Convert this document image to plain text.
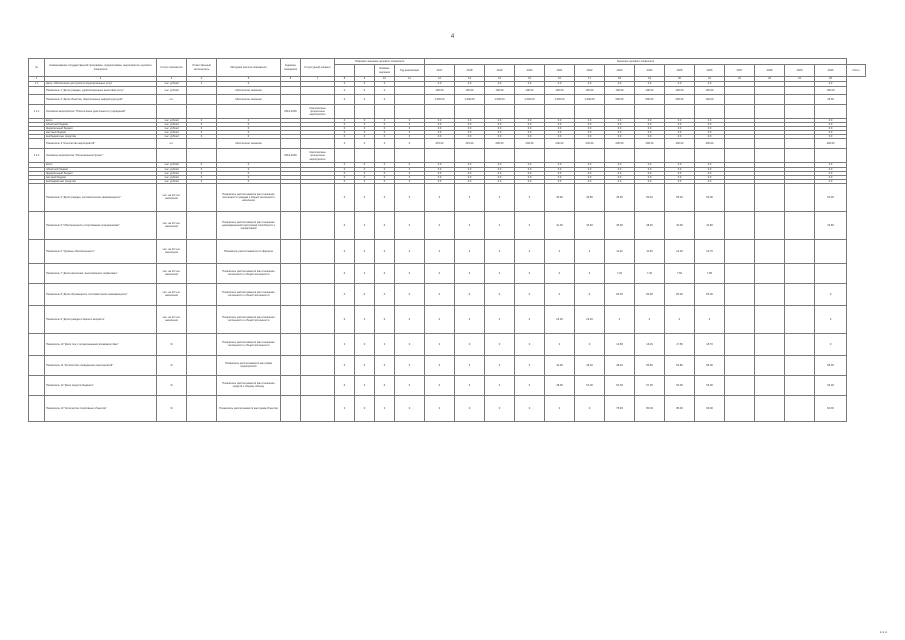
4
№	Наименование государственной программы, подпрограммы, мероприятия, целевого показателя	Статус показателя	Ответственный исполнитель	Методика расчета показателя	Единица измерения	Структурный элемент	Плановое значение целевого показателя				Значение целевого показателя														
									Базовое значение	Год реализации	2017	2018	2019	2020	2021	2022	2023	2024	2025	2026	2027	2028	2029	2030	Итого
1	2	3	4	5	6	7	8	9	10	11	12	13	14	15	16	17	18	19	20	21	22	23	24	25	
1.1	Цель: Обеспечение доступности муниципальных услуг	тыс. рублей	1	0			0	0	0		0.0	0.0	0.0	0.0	0.0	0.0	0.0	0.0	0.0	0.0				0.0	
	Показатель 1 "Доля граждан, удовлетворенных качеством услуг"	тыс. рублей		Абсолютное значение			0	0	0		100.00	100.00	100.00	100.00	100.00	100.00	100.00	100.00	100.00	100.00				100.00	
	Показатель 2 "Доля объектов, обеспеченных инфраструктурой"	шт.		Абсолютное значение			0	0	0		1 000.00	1 000.00	1 000.00	1 000.00	1 000.00	1 000.00	500.00	500.00	200.00	100.00				45.00	
1.1.1	Основное мероприятие "Обеспечение деятельности учреждений"				2019-2030	Комплексные процессные мероприятия																			
	всего	тыс. рублей	0	0			0	0	0	0	0.0	0.0	0.0	0.0	0.0	0.0	0.0	0.0	0.0	0.0				0.0	
	областной бюджет	тыс. рублей	0	0			0	0	0	0	0.0	0.0	0.0	0.0	0.0	0.0	0.0	0.0	0.0	0.0				0.0	
	федеральный бюджет	тыс. рублей	0	0			0	0	0	0	0.0	0.0	0.0	0.0	0.0	0.0	0.0	0.0	0.0	0.0				0.0	
	местный бюджет	тыс. рублей	0	0			0	0	0	0	0.0	0.0	0.0	0.0	0.0	0.0	0.0	0.0	0.0	0.0				0.0	
	внебюджетные средства	тыс. рублей	0	0			0	0	0	0	0.0	0.0	0.0	0.0	0.0	0.0	0.0	0.0	0.0	0.0				0.0	
	Показатель 3 "Количество мероприятий"	шт.		Абсолютное значение			0	0	0	0	215.00	215.00	290.00	240.00	240.00	240.00	200.00	400.00	400.00	400.00				400.00	
1.1.2	Основное мероприятие "Региональный проект"				2019-2030	Комплексные процессные мероприятия																			
	всего	тыс. рублей	0	0			0	0	0	0	0.0	0.0	0.0	0.0	0.0	0.0	0.0	0.0	0.0	0.0				0.0	
	областной бюджет	тыс. рублей	0	0			0	0	0	0	0.0	0.0	0.0	0.0	0.0	0.0	0.0	0.0	0.0	0.0				0.0	
	федеральный бюджет	тыс. рублей	0	0			0	0	0	0	0.0	0.0	0.0	0.0	0.0	0.0	0.0	0.0	0.0	0.0				0.0	
	местный бюджет	тыс. рублей	0	0			0	0	0	0	0.0	0.0	0.0	0.0	0.0	0.0	0.0	0.0	0.0	0.0				0.0	
	внебюджетные средства	тыс. рублей	0	0			0	0	0	0	0.0	0.0	0.0	0.0	0.0	0.0	0.0	0.0	0.0	0.0				0.0	
	Показатель 4 "Доля граждан, систематически занимающихся"	чел. на 10 тыс. населения		Показатель рассчитывается как отношение численности граждан к общей численности населения			0	0	0	0	0	0	0	0	35.90	40.80	45.60	50.40	55.20	60.00				60.00	
	Показатель 5 "Обеспеченность спортивными сооружениями"	чел. на 10 тыс. населения		Показатель рассчитывается как отношение единовременной пропускной способности к нормативной			0	0	0	0	0	0	0	0	31.30	33.60	35.90	38.20	40.50	42.80				42.80	
	Показатель 6 "Уровень обеспеченности"	чел. на 10 тыс. населения		Показатель рассчитывается по формуле			0	0	0	0	0	0	0	0	0	0	11.00	11.60	12.20	12.70					
	Показатель 7 "Доля населения, выполнившего нормативы"	чел. на 10 тыс. населения		Показатель рассчитывается как отношение численности к общей численности			0	0	0	0	0	0	0	0	0	0	7.20	7.40	7.60	7.80					
	Показатель 8 "Доля обучающихся, систематически занимающихся"	чел. на 10 тыс. населения		Показатель рассчитывается как отношение численности к общей численности			0	0	0	0	0	0	0	0	0	0	84.00	84.00	84.00	84.00				0	
	Показатель 9 "Доля граждан старшего возраста"	чел. на 10 тыс. населения		Показатель рассчитывается как отношение численности к общей численности			0	0	0	0	0	0	0	0	23.20	23.20	0	0	0	0				0	
	Показатель 10 "Доля лиц с ограниченными возможностями"	%		Показатель рассчитывается как отношение численности к общей численности			0	0	0	0	0	0	0	0	0	0	14.80	16.20	17.50	18.70				0	
	Показатель 11 "Количество проведенных мероприятий"	%		Показатель рассчитывается как сумма мероприятий			0	0	0	0	0	0	0	0	44.00	46.20	48.40	50.60	52.80	55.00				55.00	
	Показатель 12 "Доля средств бюджета"	%		Показатель рассчитывается как отношение средств к общему объему			0	0	0	0	0	0	0	0	48.00	51.00	54.00	57.00	60.00	63.00				63.00	
	Показатель 13 "Количество спортивных объектов"	%		Показатель рассчитывается как сумма объектов			0	0	0	0	0	0	0	0	0	0	75.00	80.00	85.00	90.00				90.00	
■ ■ ■
